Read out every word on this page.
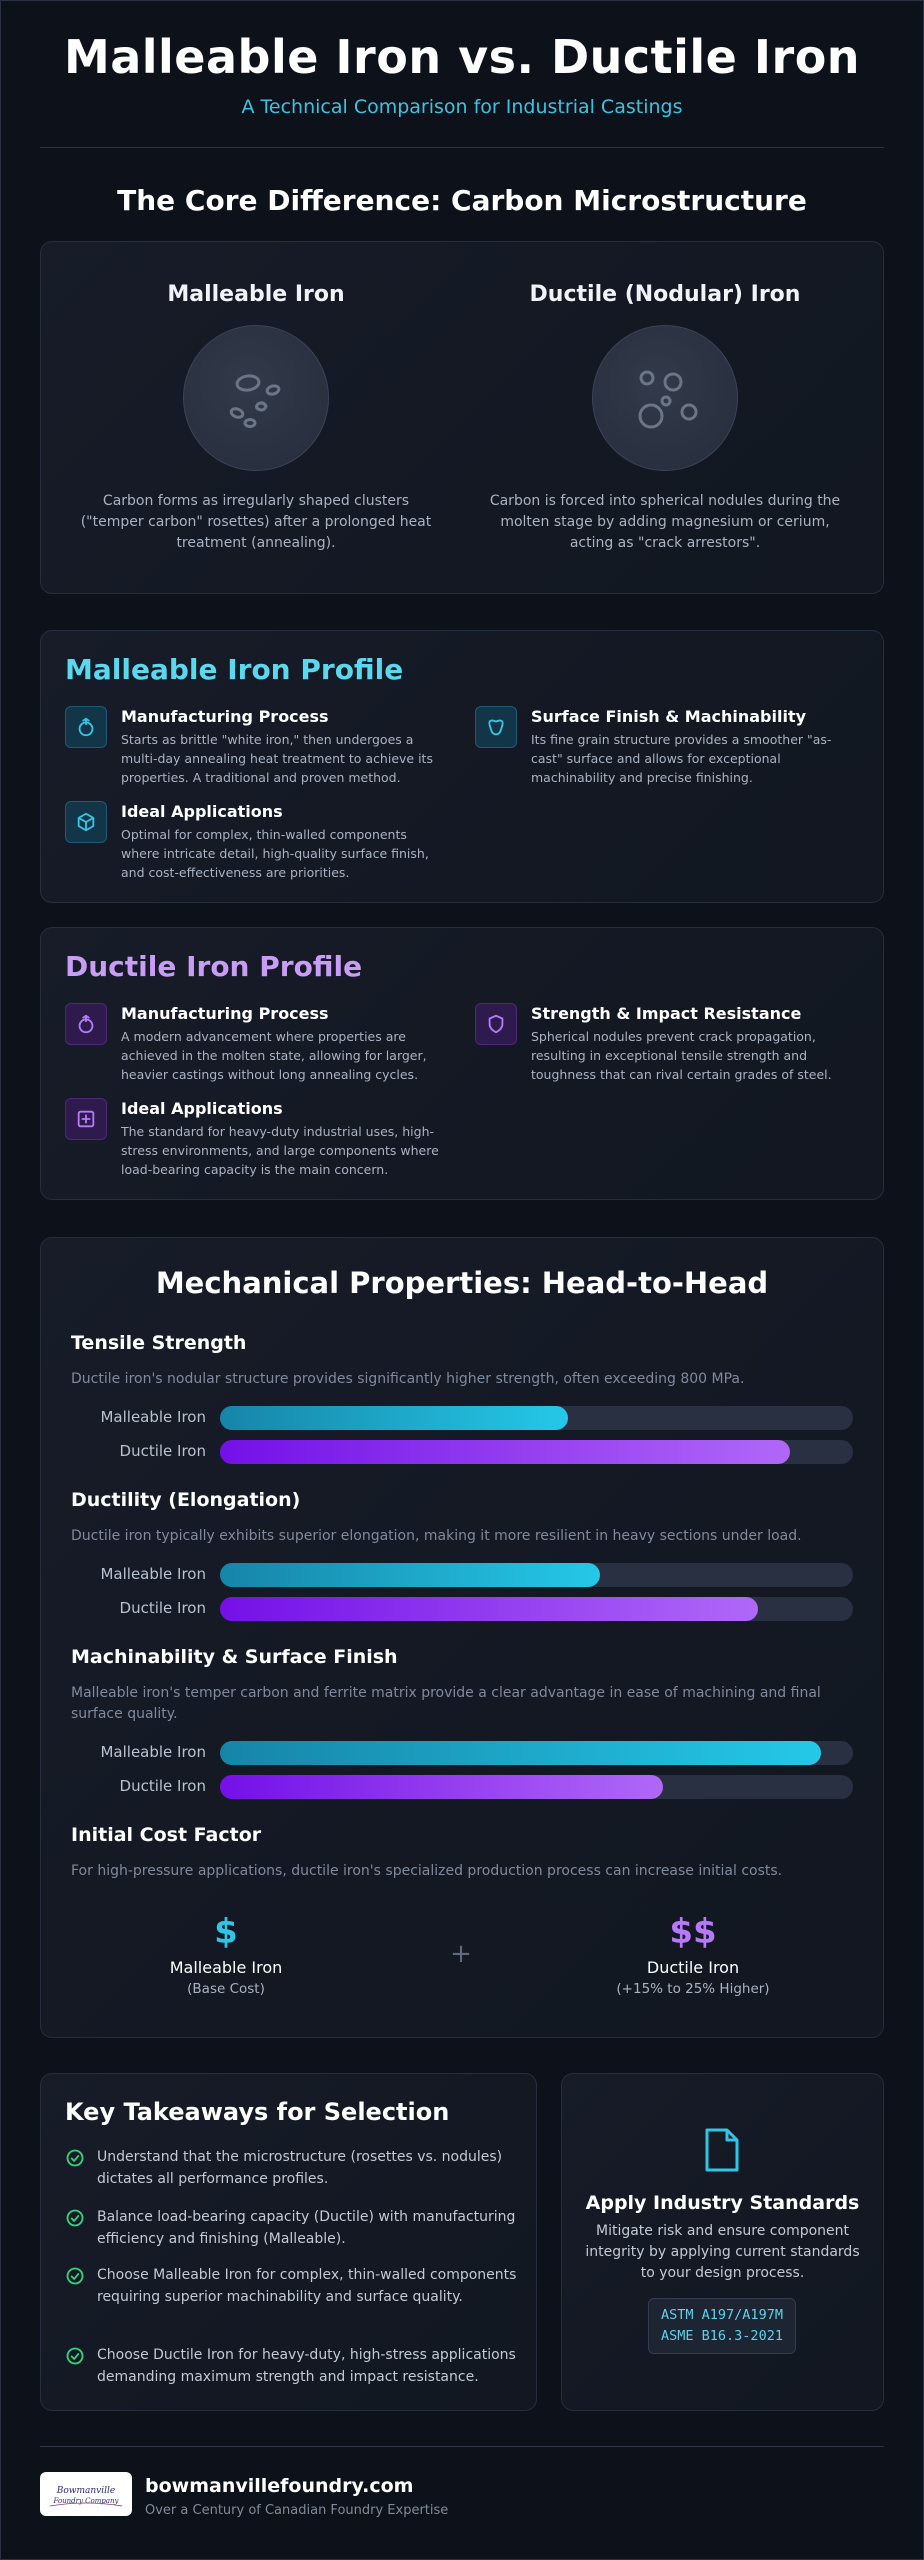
Malleable Iron vs. Ductile Iron
A Technical Comparison for Industrial Castings
The Core Difference: Carbon Microstructure
Malleable Iron
Carbon forms as irregularly shaped clusters ("temper carbon" rosettes) after a prolonged heat treatment (annealing).
Ductile (Nodular) Iron
Carbon is forced into spherical nodules during the molten stage by adding magnesium or cerium, acting as "crack arrestors".
Malleable Iron Profile
Manufacturing Process
Starts as brittle "white iron," then undergoes a multi-day annealing heat treatment to achieve its properties. A traditional and proven method.
Surface Finish & Machinability
Its fine grain structure provides a smoother "as-cast" surface and allows for exceptional machinability and precise finishing.
Ideal Applications
Optimal for complex, thin-walled components where intricate detail, high-quality surface finish, and cost-effectiveness are priorities.
Ductile Iron Profile
Manufacturing Process
A modern advancement where properties are achieved in the molten state, allowing for larger, heavier castings without long annealing cycles.
Strength & Impact Resistance
Spherical nodules prevent crack propagation, resulting in exceptional tensile strength and toughness that can rival certain grades of steel.
Ideal Applications
The standard for heavy-duty industrial uses, high-stress environments, and large components where load-bearing capacity is the main concern.
Mechanical Properties: Head-to-Head
Tensile Strength
Ductile iron's nodular structure provides significantly higher strength, often exceeding 800 MPa.
Malleable Iron
Ductile Iron
Ductility (Elongation)
Ductile iron typically exhibits superior elongation, making it more resilient in heavy sections under load.
Malleable Iron
Ductile Iron
Machinability & Surface Finish
Malleable iron's temper carbon and ferrite matrix provide a clear advantage in ease of machining and final surface quality.
Malleable Iron
Ductile Iron
Initial Cost Factor
For high-pressure applications, ductile iron's specialized production process can increase initial costs.
$
Malleable Iron
(Base Cost)
+
$$
Ductile Iron
(+15% to 25% Higher)
Key Takeaways for Selection
Understand that the microstructure (rosettes vs. nodules) dictates all performance profiles.
Balance load-bearing capacity (Ductile) with manufacturing efficiency and finishing (Malleable).
Choose Malleable Iron for complex, thin-walled components requiring superior machinability and surface quality.
Choose Ductile Iron for heavy-duty, high-stress applications demanding maximum strength and impact resistance.
Apply Industry Standards
Mitigate risk and ensure component integrity by applying current standards to your design process.
ASTM A197/A197M
ASME B16.3-2021
Bowmanville
Foundry Company
bowmanvillefoundry.com
Over a Century of Canadian Foundry Expertise
